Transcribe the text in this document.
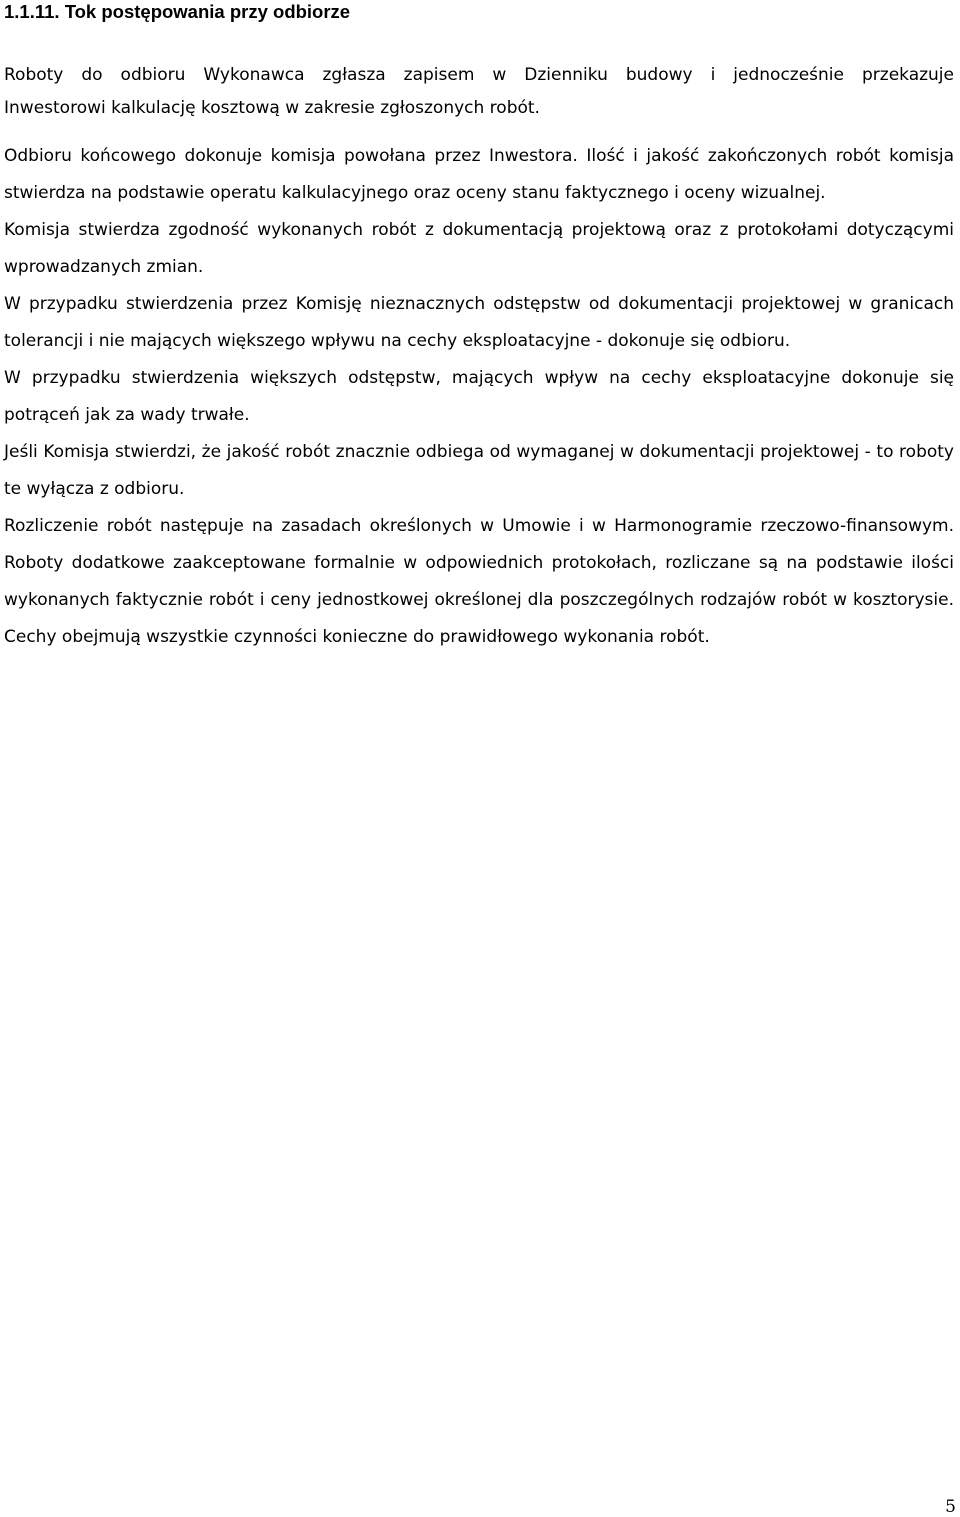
1.1.11. Tok postępowania przy odbiorze
Roboty do odbioru Wykonawca zgłasza zapisem w Dzienniku budowy i jednocześnie przekazuje
Inwestorowi kalkulację kosztową w zakresie zgłoszonych robót.

Odbioru końcowego dokonuje komisja powołana przez Inwestora. Ilość i jakość zakończonych robót komisja stwierdza na podstawie operatu kalkulacyjnego oraz oceny stanu faktycznego i oceny wizualnej.

Komisja stwierdza zgodność wykonanych robót z dokumentacją projektową oraz z protokołami dotyczącymi wprowadzanych zmian.

W przypadku stwierdzenia przez Komisję nieznacznych odstępstw od dokumentacji projektowej w granicach tolerancji i nie mających większego wpływu na cechy eksploatacyjne - dokonuje się odbioru.

W przypadku stwierdzenia większych odstępstw, mających wpływ na cechy eksploatacyjne dokonuje się potrąceń jak za wady trwałe.

Jeśli Komisja stwierdzi, że jakość robót znacznie odbiega od wymaganej w dokumentacji projektowej - to roboty te wyłącza z odbioru.

Rozliczenie robót następuje na zasadach określonych w Umowie i w Harmonogramie rzeczowo-finansowym. Roboty dodatkowe zaakceptowane formalnie w odpowiednich protokołach, rozliczane są na podstawie ilości wykonanych faktycznie robót i ceny jednostkowej określonej dla poszczególnych rodzajów robót w kosztorysie. Cechy obejmują wszystkie czynności konieczne do prawidłowego wykonania robót.

5
